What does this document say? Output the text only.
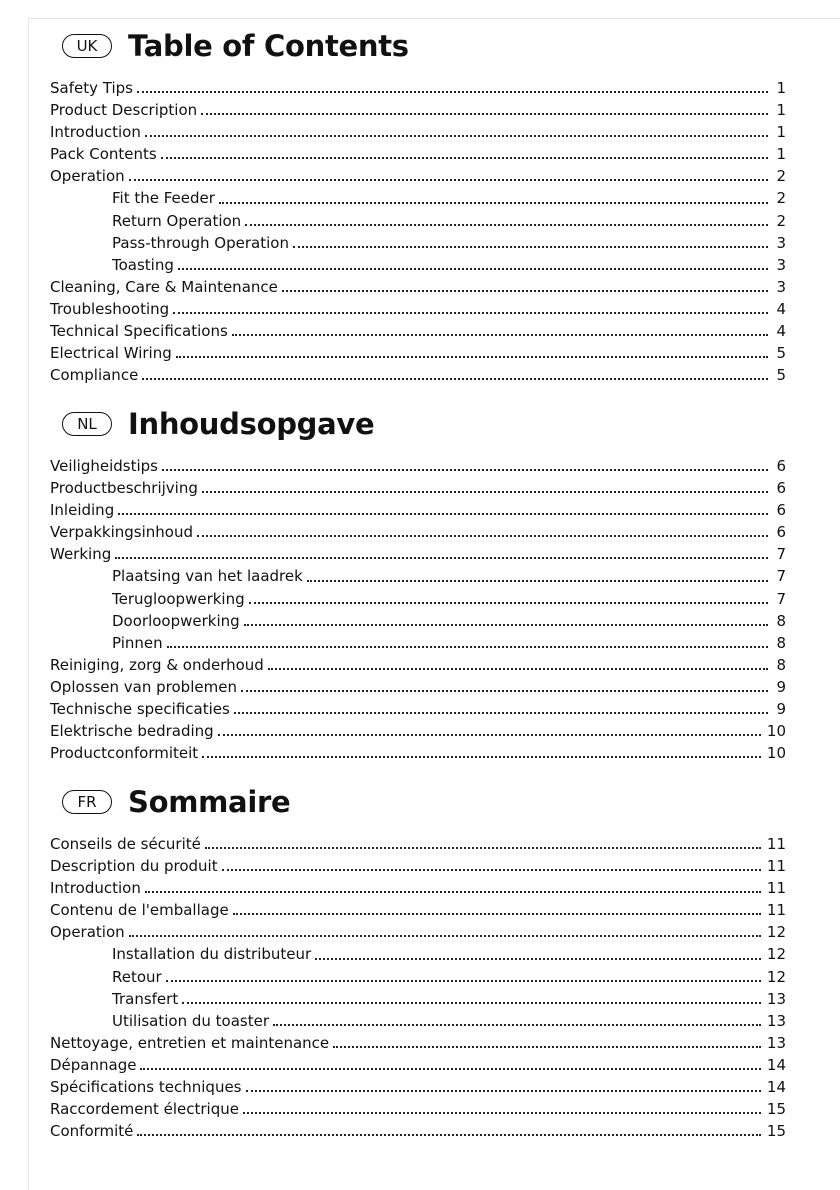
UK	Table of Contents
Safety Tips	1
Product Description	1
Introduction	1
Pack Contents	1
Operation	2
Fit the Feeder	2
Return Operation	2
Pass-through Operation	3
Toasting	3
Cleaning, Care & Maintenance	3
Troubleshooting	4
Technical Specifications	4
Electrical Wiring	5
Compliance	5
NL	Inhoudsopgave
Veiligheidstips	6
Productbeschrijving	6
Inleiding	6
Verpakkingsinhoud	6
Werking	7
Plaatsing van het laadrek	7
Terugloopwerking	7
Doorloopwerking	8
Pinnen	8
Reiniging, zorg & onderhoud	8
Oplossen van problemen	9
Technische specificaties	9
Elektrische bedrading	10
Productconformiteit	10
FR	Sommaire
Conseils de sécurité	11
Description du produit	11
Introduction	11
Contenu de l'emballage	11
Operation	12
Installation du distributeur	12
Retour	12
Transfert	13
Utilisation du toaster	13
Nettoyage, entretien et maintenance	13
Dépannage	14
Spécifications techniques	14
Raccordement électrique	15
Conformité	15
